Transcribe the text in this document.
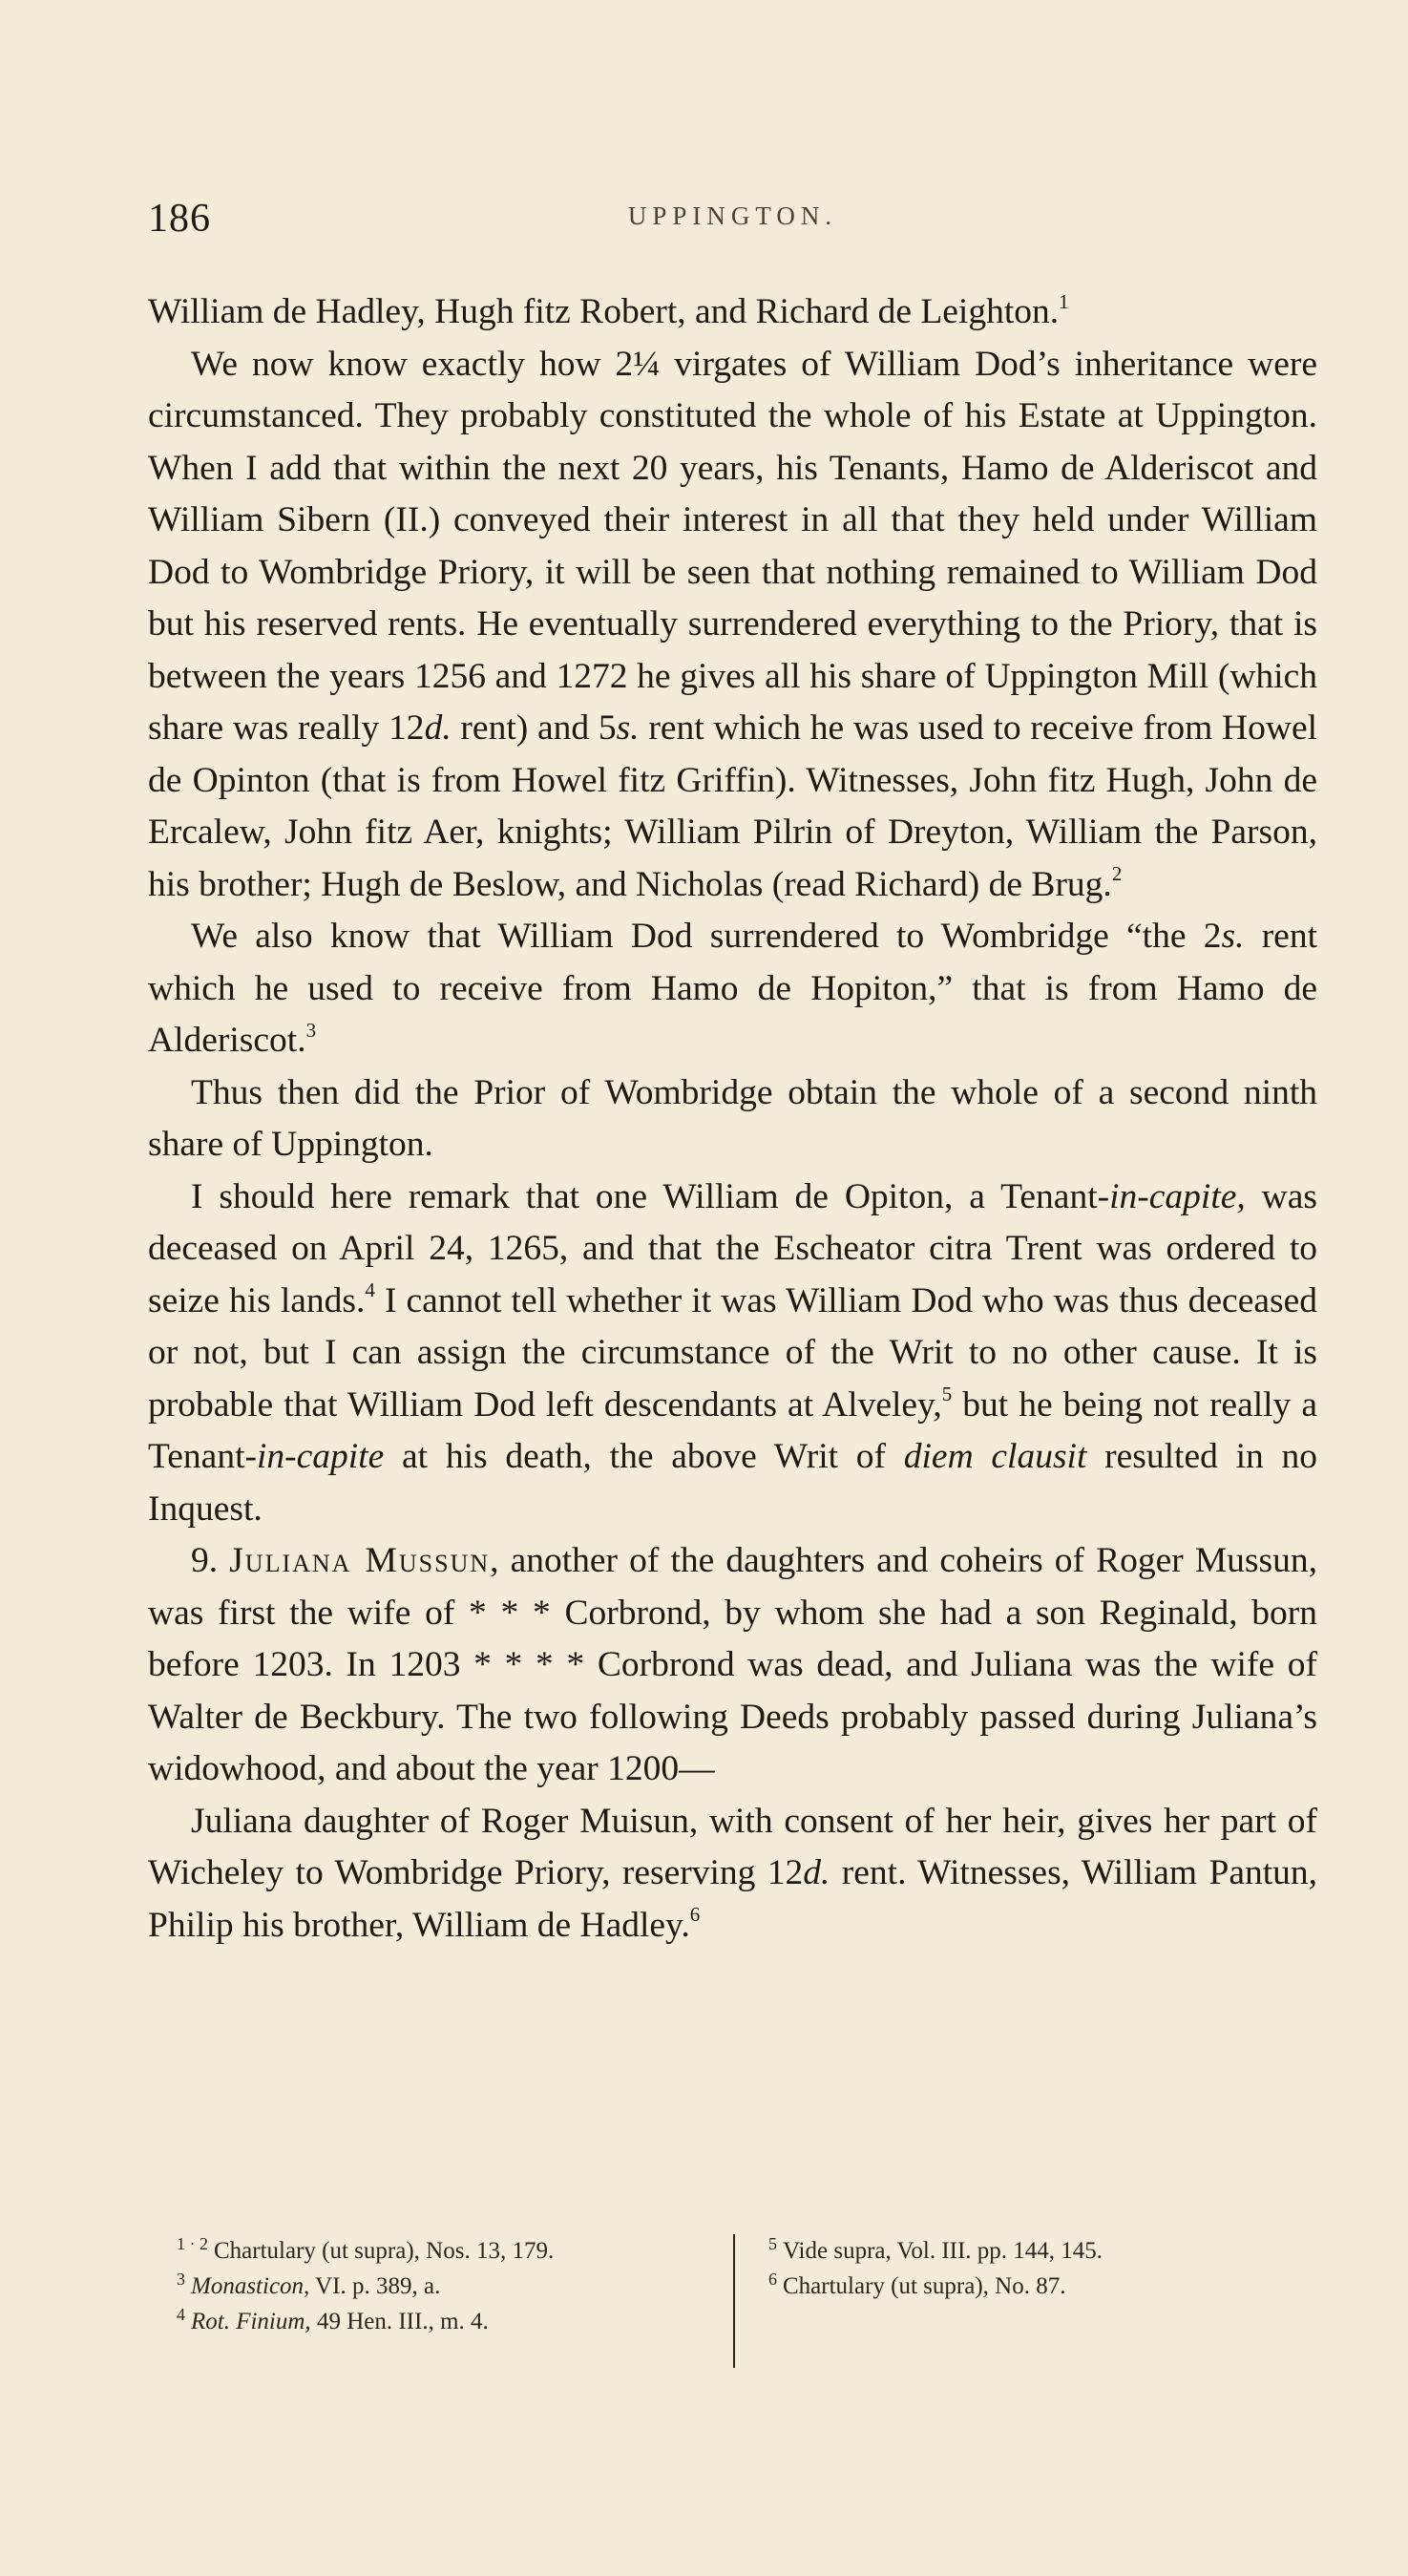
186	UPPINGTON.

William de Hadley, Hugh fitz Robert, and Richard de Leighton.$^1$

We now know exactly how 2¼ virgates of William Dod’s inheritance were circumstanced. They probably constituted the whole of his Estate at Uppington. When I add that within the next 20 years, his Tenants, Hamo de Alderiscot and William Sibern (II.) conveyed their interest in all that they held under William Dod to Wombridge Priory, it will be seen that nothing remained to William Dod but his reserved rents. He eventually surrendered everything to the Priory, that is between the years 1256 and 1272 he gives all his share of Uppington Mill (which share was really 12d. rent) and 5s. rent which he was used to receive from Howel de Opinton (that is from Howel fitz Griffin). Witnesses, John fitz Hugh, John de Ercalew, John fitz Aer, knights; William Pilrin of Dreyton, William the Parson, his brother; Hugh de Beslow, and Nicholas (read Richard) de Brug.$^2$

We also know that William Dod surrendered to Wombridge “the 2s. rent which he used to receive from Hamo de Hopiton,” that is from Hamo de Alderiscot.$^3$

Thus then did the Prior of Wombridge obtain the whole of a second ninth share of Uppington.

I should here remark that one William de Opiton, a Tenant-in-capite, was deceased on April 24, 1265, and that the Escheator citra Trent was ordered to seize his lands.$^4$ I cannot tell whether it was William Dod who was thus deceased or not, but I can assign the circumstance of the Writ to no other cause. It is probable that William Dod left descendants at Alveley,$^5$ but he being not really a Tenant-in-capite at his death, the above Writ of diem clausit resulted in no Inquest.

9. Juliana Mussun, another of the daughters and coheirs of Roger Mussun, was first the wife of * * * Corbrond, by whom she had a son Reginald, born before 1203. In 1203 * * * * Corbrond was dead, and Juliana was the wife of Walter de Beckbury. The two following Deeds probably passed during Juliana’s widowhood, and about the year 1200—

Juliana daughter of Roger Muisun, with consent of her heir, gives her part of Wicheley to Wombridge Priory, reserving 12d. rent. Witnesses, William Pantun, Philip his brother, William de Hadley.$^6$

$^{1 \cdot 2}$ Chartulary (ut supra), Nos. 13, 179.
$^3$ Monasticon, VI. p. 389, a.
$^4$ Rot. Finium, 49 Hen. III., m. 4.
$^5$ Vide supra, Vol. III. pp. 144, 145.
$^6$ Chartulary (ut supra), No. 87.
